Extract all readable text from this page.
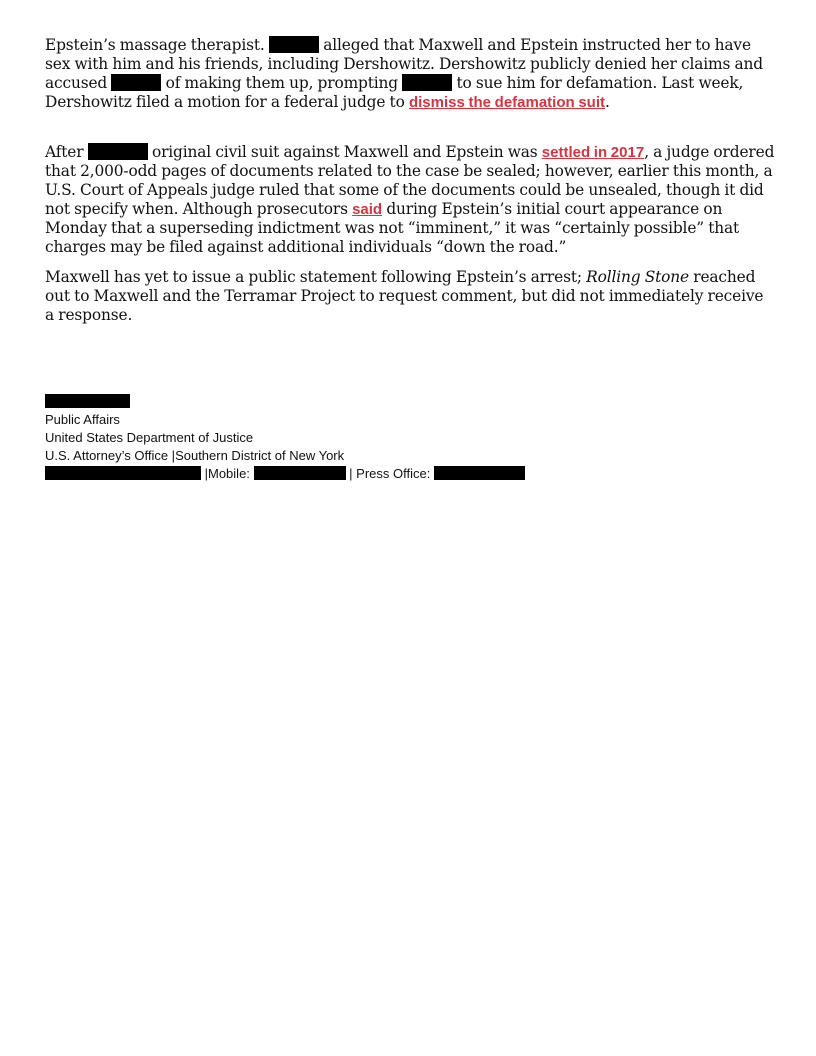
Epstein’s massage therapist.	alleged that Maxwell and Epstein instructed her to have sex with him and his friends, including Dershowitz. Dershowitz publicly denied her claims and accused	of making them up, prompting	to sue him for defamation. Last week, Dershowitz filed a motion for a federal judge to dismiss the defamation suit.

After	original civil suit against Maxwell and Epstein was settled in 2017, a judge ordered that 2,000-odd pages of documents related to the case be sealed; however, earlier this month, a U.S. Court of Appeals judge ruled that some of the documents could be unsealed, though it did not specify when. Although prosecutors said during Epstein’s initial court appearance on Monday that a superseding indictment was not “imminent,” it was “certainly possible” that charges may be filed against additional individuals “down the road.”

Maxwell has yet to issue a public statement following Epstein’s arrest; Rolling Stone reached out to Maxwell and the Terramar Project to request comment, but did not immediately receive a response.

Public Affairs
United States Department of Justice
U.S. Attorney’s Office |Southern District of New York
|Mobile:	| Press Office:
